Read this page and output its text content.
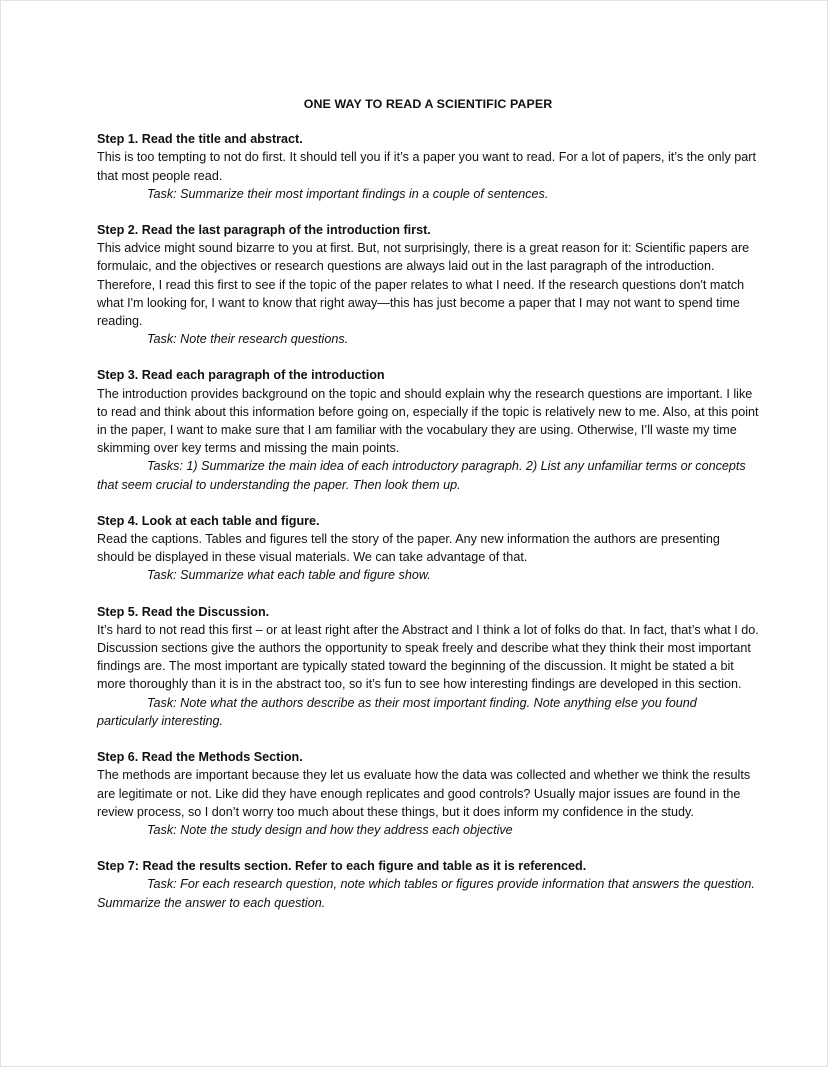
ONE WAY TO READ A SCIENTIFIC PAPER

Step 1. Read the title and abstract.

This is too tempting to not do first. It should tell you if it’s a paper you want to read. For a lot of papers, it’s the only part that most people read.

Task: Summarize their most important findings in a couple of sentences.

Step 2. Read the last paragraph of the introduction first.

This advice might sound bizarre to you at first. But, not surprisingly, there is a great reason for it: Scientific papers are formulaic, and the objectives or research questions are always laid out in the last paragraph of the introduction. Therefore, I read this first to see if the topic of the paper relates to what I need. If the research questions don't match what I'm looking for, I want to know that right away—this has just become a paper that I may not want to spend time reading.

Task: Note their research questions.

Step 3. Read each paragraph of the introduction

The introduction provides background on the topic and should explain why the research questions are important. I like to read and think about this information before going on, especially if the topic is relatively new to me. Also, at this point in the paper, I want to make sure that I am familiar with the vocabulary they are using. Otherwise, I’ll waste my time skimming over key terms and missing the main points.

Tasks: 1) Summarize the main idea of each introductory paragraph. 2) List any unfamiliar terms or concepts that seem crucial to understanding the paper. Then look them up.

Step 4. Look at each table and figure.

Read the captions. Tables and figures tell the story of the paper. Any new information the authors are presenting should be displayed in these visual materials. We can take advantage of that.

Task: Summarize what each table and figure show.

Step 5. Read the Discussion.

It’s hard to not read this first – or at least right after the Abstract and I think a lot of folks do that. In fact, that’s what I do. Discussion sections give the authors the opportunity to speak freely and describe what they think their most important findings are. The most important are typically stated toward the beginning of the discussion. It might be stated a bit more thoroughly than it is in the abstract too, so it’s fun to see how interesting findings are developed in this section.

Task: Note what the authors describe as their most important finding. Note anything else you found particularly interesting.

Step 6. Read the Methods Section.

The methods are important because they let us evaluate how the data was collected and whether we think the results are legitimate or not. Like did they have enough replicates and good controls? Usually major issues are found in the review process, so I don’t worry too much about these things, but it does inform my confidence in the study.

Task: Note the study design and how they address each objective

Step 7: Read the results section. Refer to each figure and table as it is referenced.

Task: For each research question, note which tables or figures provide information that answers the question. Summarize the answer to each question.
